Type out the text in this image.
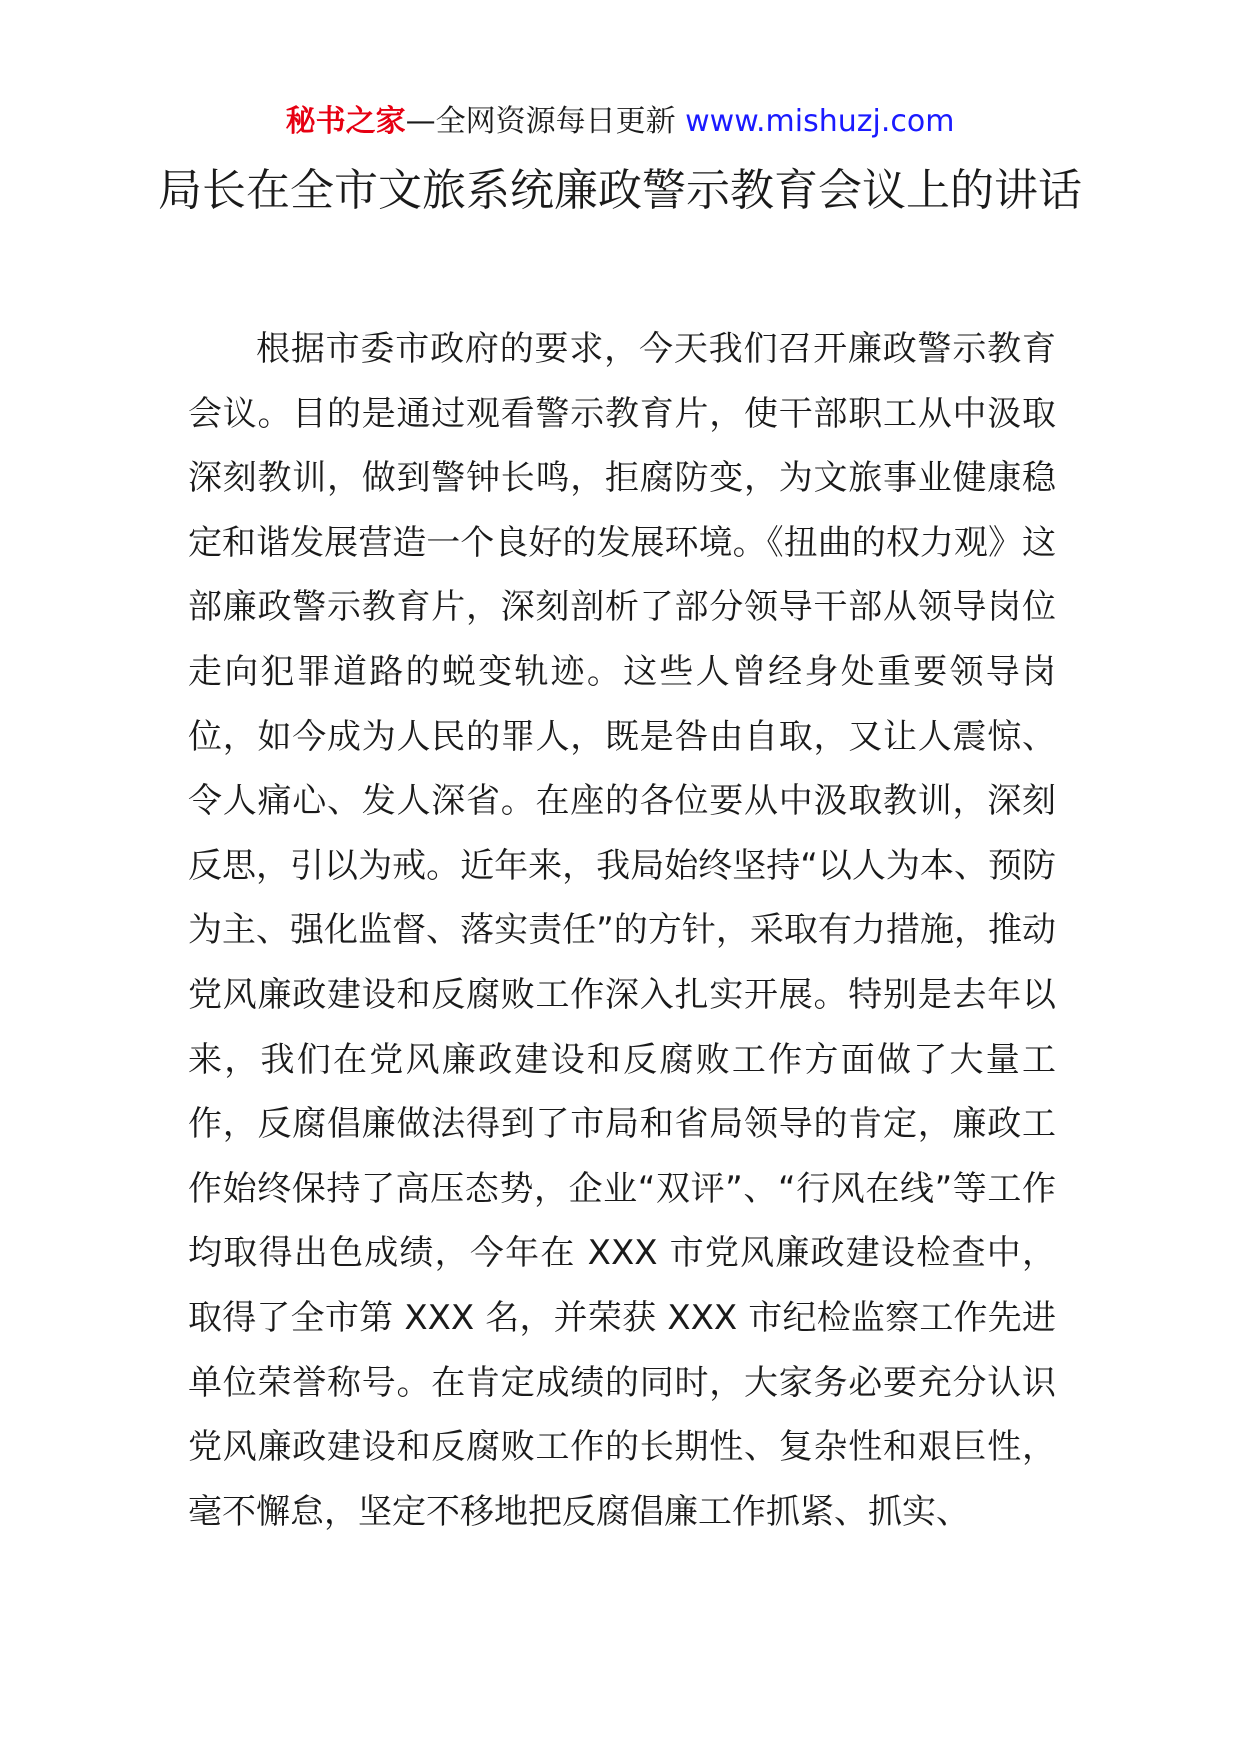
秘书之家—全网资源每日更新 www.mishuzj.com
局长在全市文旅系统廉政警示教育会议上的讲话

根据市委市政府的要求，今天我们召开廉政警示教育会议。目的是通过观看警示教育片，使干部职工从中汲取深刻教训，做到警钟长鸣，拒腐防变，为文旅事业健康稳定和谐发展营造一个良好的发展环境。《扭曲的权力观》这部廉政警示教育片，深刻剖析了部分领导干部从领导岗位走向犯罪道路的蜕变轨迹。这些人曾经身处重要领导岗位，如今成为人民的罪人，既是咎由自取，又让人震惊、令人痛心、发人深省。在座的各位要从中汲取教训，深刻反思，引以为戒。近年来，我局始终坚持“以人为本、预防为主、强化监督、落实责任”的方针，采取有力措施，推动党风廉政建设和反腐败工作深入扎实开展。特别是去年以来，我们在党风廉政建设和反腐败工作方面做了大量工作，反腐倡廉做法得到了市局和省局领导的肯定，廉政工作始终保持了高压态势，企业“双评”、“行风在线”等工作均取得出色成绩，今年在 XXX 市党风廉政建设检查中，取得了全市第 XXX 名，并荣获 XXX 市纪检监察工作先进单位荣誉称号。在肯定成绩的同时，大家务必要充分认识党风廉政建设和反腐败工作的长期性、复杂性和艰巨性，毫不懈怠，坚定不移地把反腐倡廉工作抓紧、抓实、
